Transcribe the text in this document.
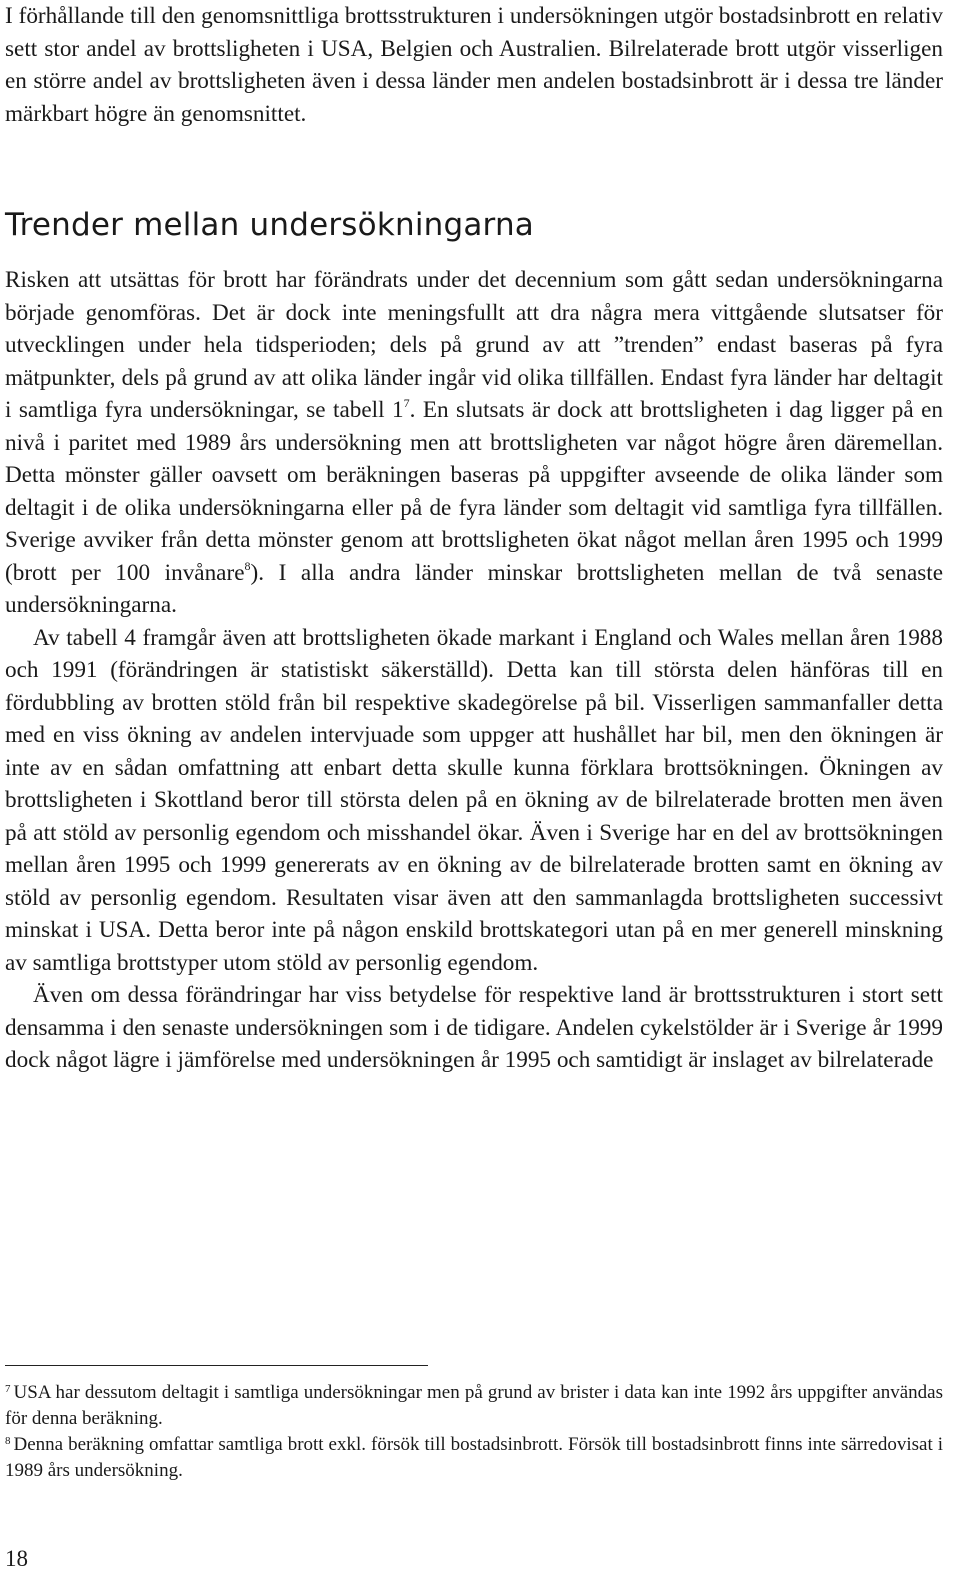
I förhållande till den genomsnittliga brottsstrukturen i undersökningen utgör bostadsinbrott en relativ sett stor andel av brottsligheten i USA, Belgien och Australien. Bilrelaterade brott utgör visserligen en större andel av brottsligheten även i dessa länder men andelen bostadsinbrott är i dessa tre länder märkbart högre än genomsnittet.

Trender mellan undersökningarna

Risken att utsättas för brott har förändrats under det decennium som gått sedan undersökningarna började genomföras. Det är dock inte meningsfullt att dra några mera vittgående slutsatser för utvecklingen under hela tidsperioden; dels på grund av att ”trenden” endast baseras på fyra mätpunkter, dels på grund av att olika länder ingår vid olika tillfällen. Endast fyra länder har deltagit i samtliga fyra undersökningar, se tabell $1^7$. En slutsats är dock att brottsligheten i dag ligger på en nivå i paritet med 1989 års undersökning men att brottsligheten var något högre åren däremellan. Detta mönster gäller oavsett om beräkningen baseras på uppgifter avseende de olika länder som deltagit i de olika undersökningarna eller på de fyra länder som deltagit vid samtliga fyra tillfällen. Sverige avviker från detta mönster genom att brottsligheten ökat något mellan åren 1995 och 1999 (brott per 100 invånare$^8$). I alla andra länder minskar brottsligheten mellan de två senaste undersökningarna.

Av tabell 4 framgår även att brottsligheten ökade markant i England och Wales mellan åren 1988 och 1991 (förändringen är statistiskt säkerställd). Detta kan till största delen hänföras till en fördubbling av brotten stöld från bil respektive skadegörelse på bil. Visserligen sammanfaller detta med en viss ökning av andelen intervjuade som uppger att hushållet har bil, men den ökningen är inte av en sådan omfattning att enbart detta skulle kunna förklara brottsökningen. Ökningen av brottsligheten i Skottland beror till största delen på en ökning av de bilrelaterade brotten men även på att stöld av personlig egendom och misshandel ökar. Även i Sverige har en del av brottsökningen mellan åren 1995 och 1999 genererats av en ökning av de bilrelaterade brotten samt en ökning av stöld av personlig egendom. Resultaten visar även att den sammanlagda brottsligheten successivt minskat i USA. Detta beror inte på någon enskild brottskategori utan på en mer generell minskning av samtliga brottstyper utom stöld av personlig egendom.

Även om dessa förändringar har viss betydelse för respektive land är brottsstrukturen i stort sett densamma i den senaste undersökningen som i de tidigare. Andelen cykelstölder är i Sverige år 1999 dock något lägre i jämförelse med undersökningen år 1995 och samtidigt är inslaget av bilrelaterade

$^7$ USA har dessutom deltagit i samtliga undersökningar men på grund av brister i data kan inte 1992 års uppgifter användas för denna beräkning.

$^8$ Denna beräkning omfattar samtliga brott exkl. försök till bostadsinbrott. Försök till bostadsinbrott finns inte särredovisat i 1989 års undersökning.

18
